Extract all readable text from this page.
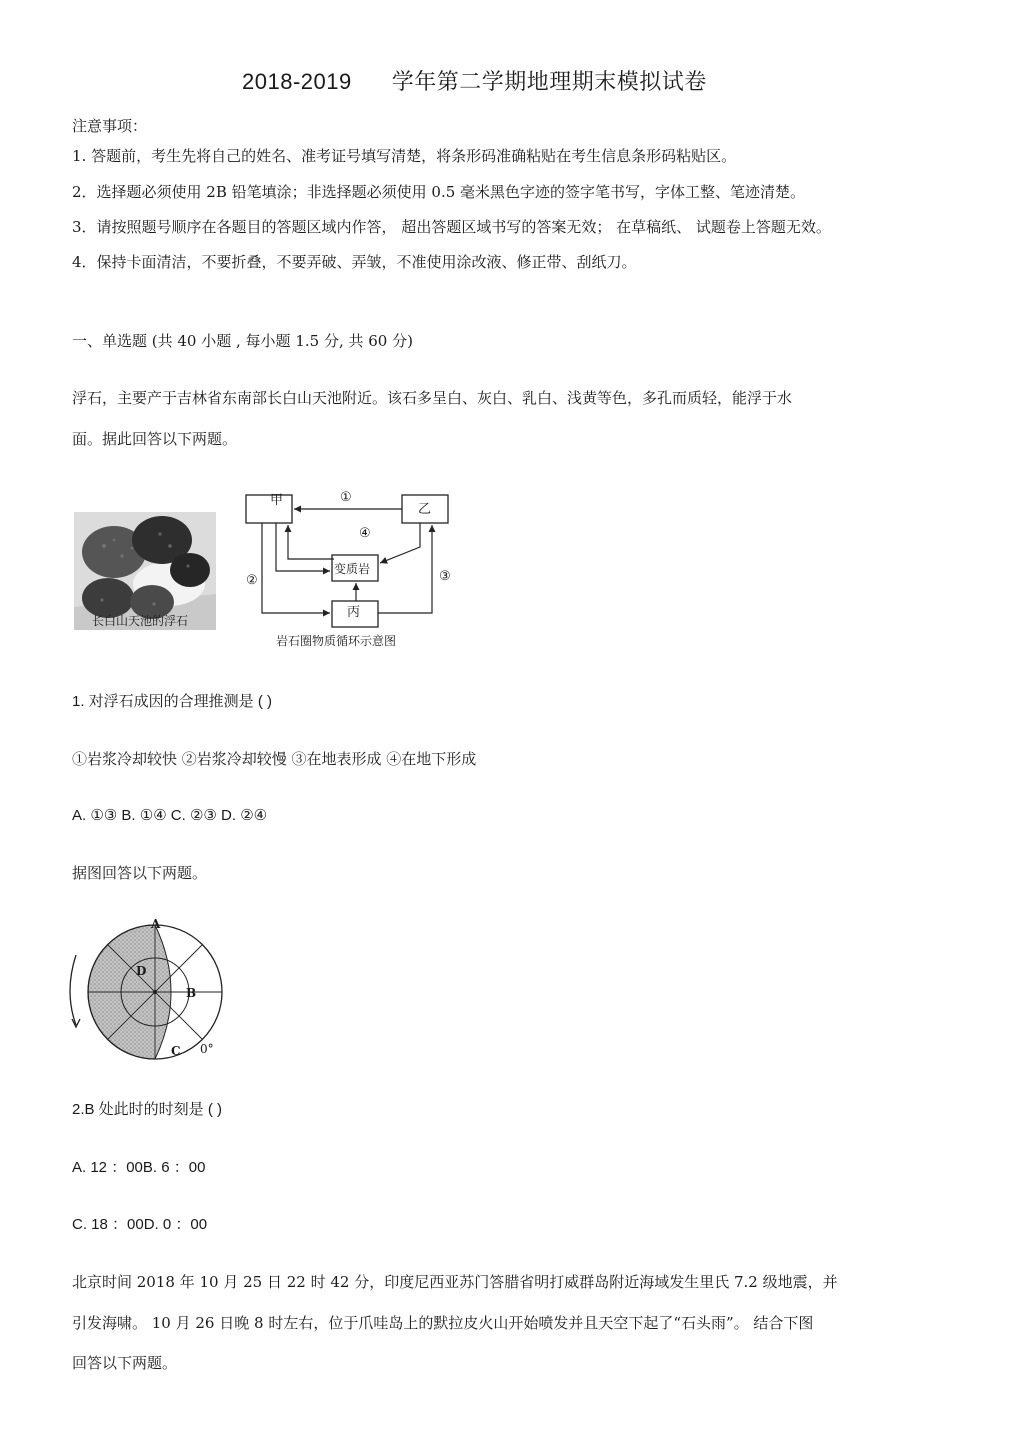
2018-2019 学年第二学期地理期末模拟试卷
注意事项：
1. 答题前，考生先将自己的姓名、准考证号填写清楚，将条形码准确粘贴在考生信息条形码粘贴区。
2．选择题必须使用 2B 铅笔填涂；非选择题必须使用 0.5 毫米黑色字迹的签字笔书写，字体工整、笔迹清楚。
3．请按照题号顺序在各题目的答题区域内作答， 超出答题区域书写的答案无效； 在草稿纸、 试题卷上答题无效。
4．保持卡面清洁，不要折叠，不要弄破、弄皱，不准使用涂改液、修正带、刮纸刀。
一、单选题 (共 40 小题 , 每小题 1.5 分, 共 60 分)
浮石，主要产于吉林省东南部长白山天池附近。该石多呈白、灰白、乳白、浅黄等色，多孔而质轻，能浮于水
面。据此回答以下两题。
长白山天池的浮石
甲
乙
变质岩
丙
①
②	③
④
岩石圈物质循环示意图
1. 对浮石成因的合理推测是 ( )
①岩浆冷却较快 ②岩浆冷却较慢 ③在地表形成 ④在地下形成
A. ①③ B. ①④ C. ②③ D. ②④
据图回答以下两题。
A
B
C
D
0°
2.B 处此时的时刻是 ( )
A. 12 ：00B. 6 ：00
C. 18 ：00D. 0 ：00
北京时间 2018 年 10 月 25 日 22 时 42 分，印度尼西亚苏门答腊省明打威群岛附近海域发生里氏 7.2 级地震，并
引发海啸。 10 月 26 日晚 8 时左右，位于爪哇岛上的默拉皮火山开始喷发并且天空下起了“石头雨”。 结合下图
回答以下两题。
